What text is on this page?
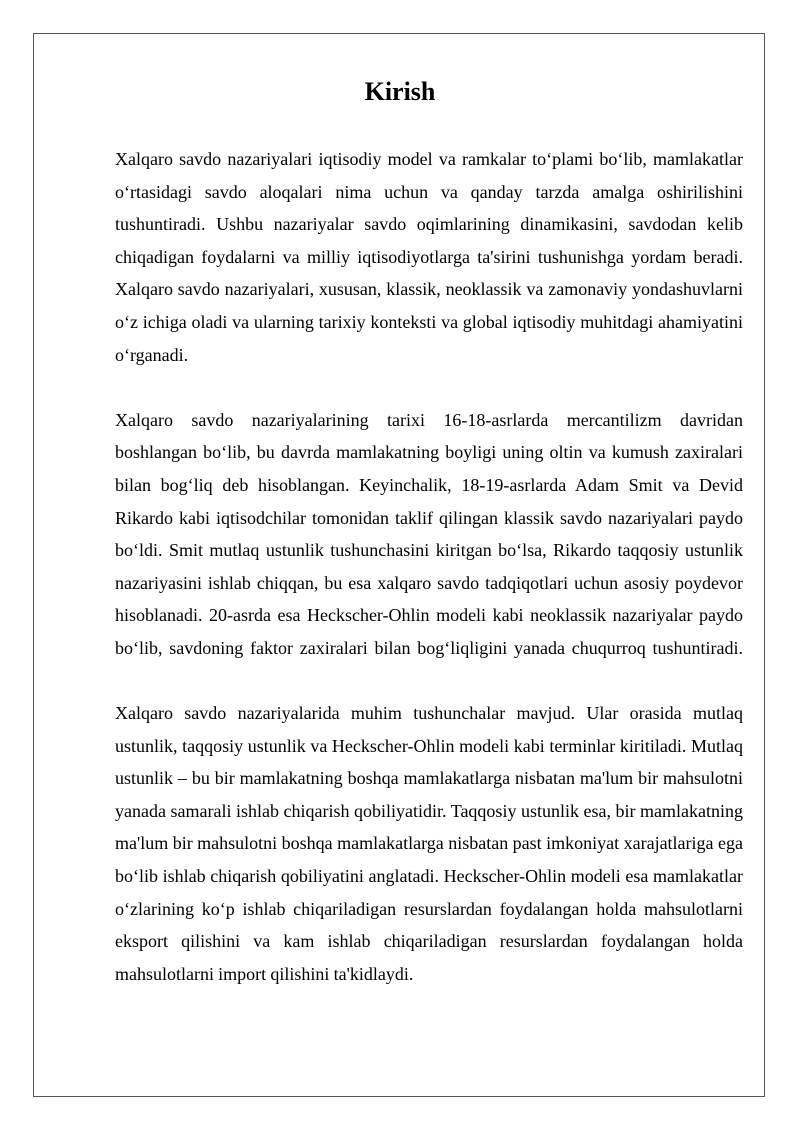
Kirish

Xalqaro savdo nazariyalari iqtisodiy model va ramkalar to‘plami bo‘lib, mamlakatlar o‘rtasidagi savdo aloqalari nima uchun va qanday tarzda amalga oshirilishini tushuntiradi. Ushbu nazariyalar savdo oqimlarining dinamikasini, savdodan kelib chiqadigan foydalarni va milliy iqtisodiyotlarga ta'sirini tushunishga yordam beradi. Xalqaro savdo nazariyalari, xususan, klassik, neoklassik va zamonaviy yondashuvlarni o‘z ichiga oladi va ularning tarixiy konteksti va global iqtisodiy muhitdagi ahamiyatini o‘rganadi.

Xalqaro savdo nazariyalarining tarixi 16-18-asrlarda mercantilizm davridan boshlangan bo‘lib, bu davrda mamlakatning boyligi uning oltin va kumush zaxiralari bilan bog‘liq deb hisoblangan. Keyinchalik, 18-19-asrlarda Adam Smit va Devid Rikardo kabi iqtisodchilar tomonidan taklif qilingan klassik savdo nazariyalari paydo bo‘ldi. Smit mutlaq ustunlik tushunchasini kiritgan bo‘lsa, Rikardo taqqosiy ustunlik nazariyasini ishlab chiqqan, bu esa xalqaro savdo tadqiqotlari uchun asosiy poydevor hisoblanadi. 20-asrda esa Heckscher-Ohlin modeli kabi neoklassik nazariyalar paydo bo‘lib, savdoning faktor zaxiralari bilan bog‘liqligini yanada chuqurroq tushuntiradi.

Xalqaro savdo nazariyalarida muhim tushunchalar mavjud. Ular orasida mutlaq ustunlik, taqqosiy ustunlik va Heckscher-Ohlin modeli kabi terminlar kiritiladi. Mutlaq ustunlik – bu bir mamlakatning boshqa mamlakatlarga nisbatan ma'lum bir mahsulotni yanada samarali ishlab chiqarish qobiliyatidir. Taqqosiy ustunlik esa, bir mamlakatning ma'lum bir mahsulotni boshqa mamlakatlarga nisbatan past imkoniyat xarajatlariga ega bo‘lib ishlab chiqarish qobiliyatini anglatadi. Heckscher-Ohlin modeli esa mamlakatlar o‘zlarining ko‘p ishlab chiqariladigan resurslardan foydalangan holda mahsulotlarni eksport qilishini va kam ishlab chiqariladigan resurslardan foydalangan holda mahsulotlarni import qilishini ta'kidlaydi.
